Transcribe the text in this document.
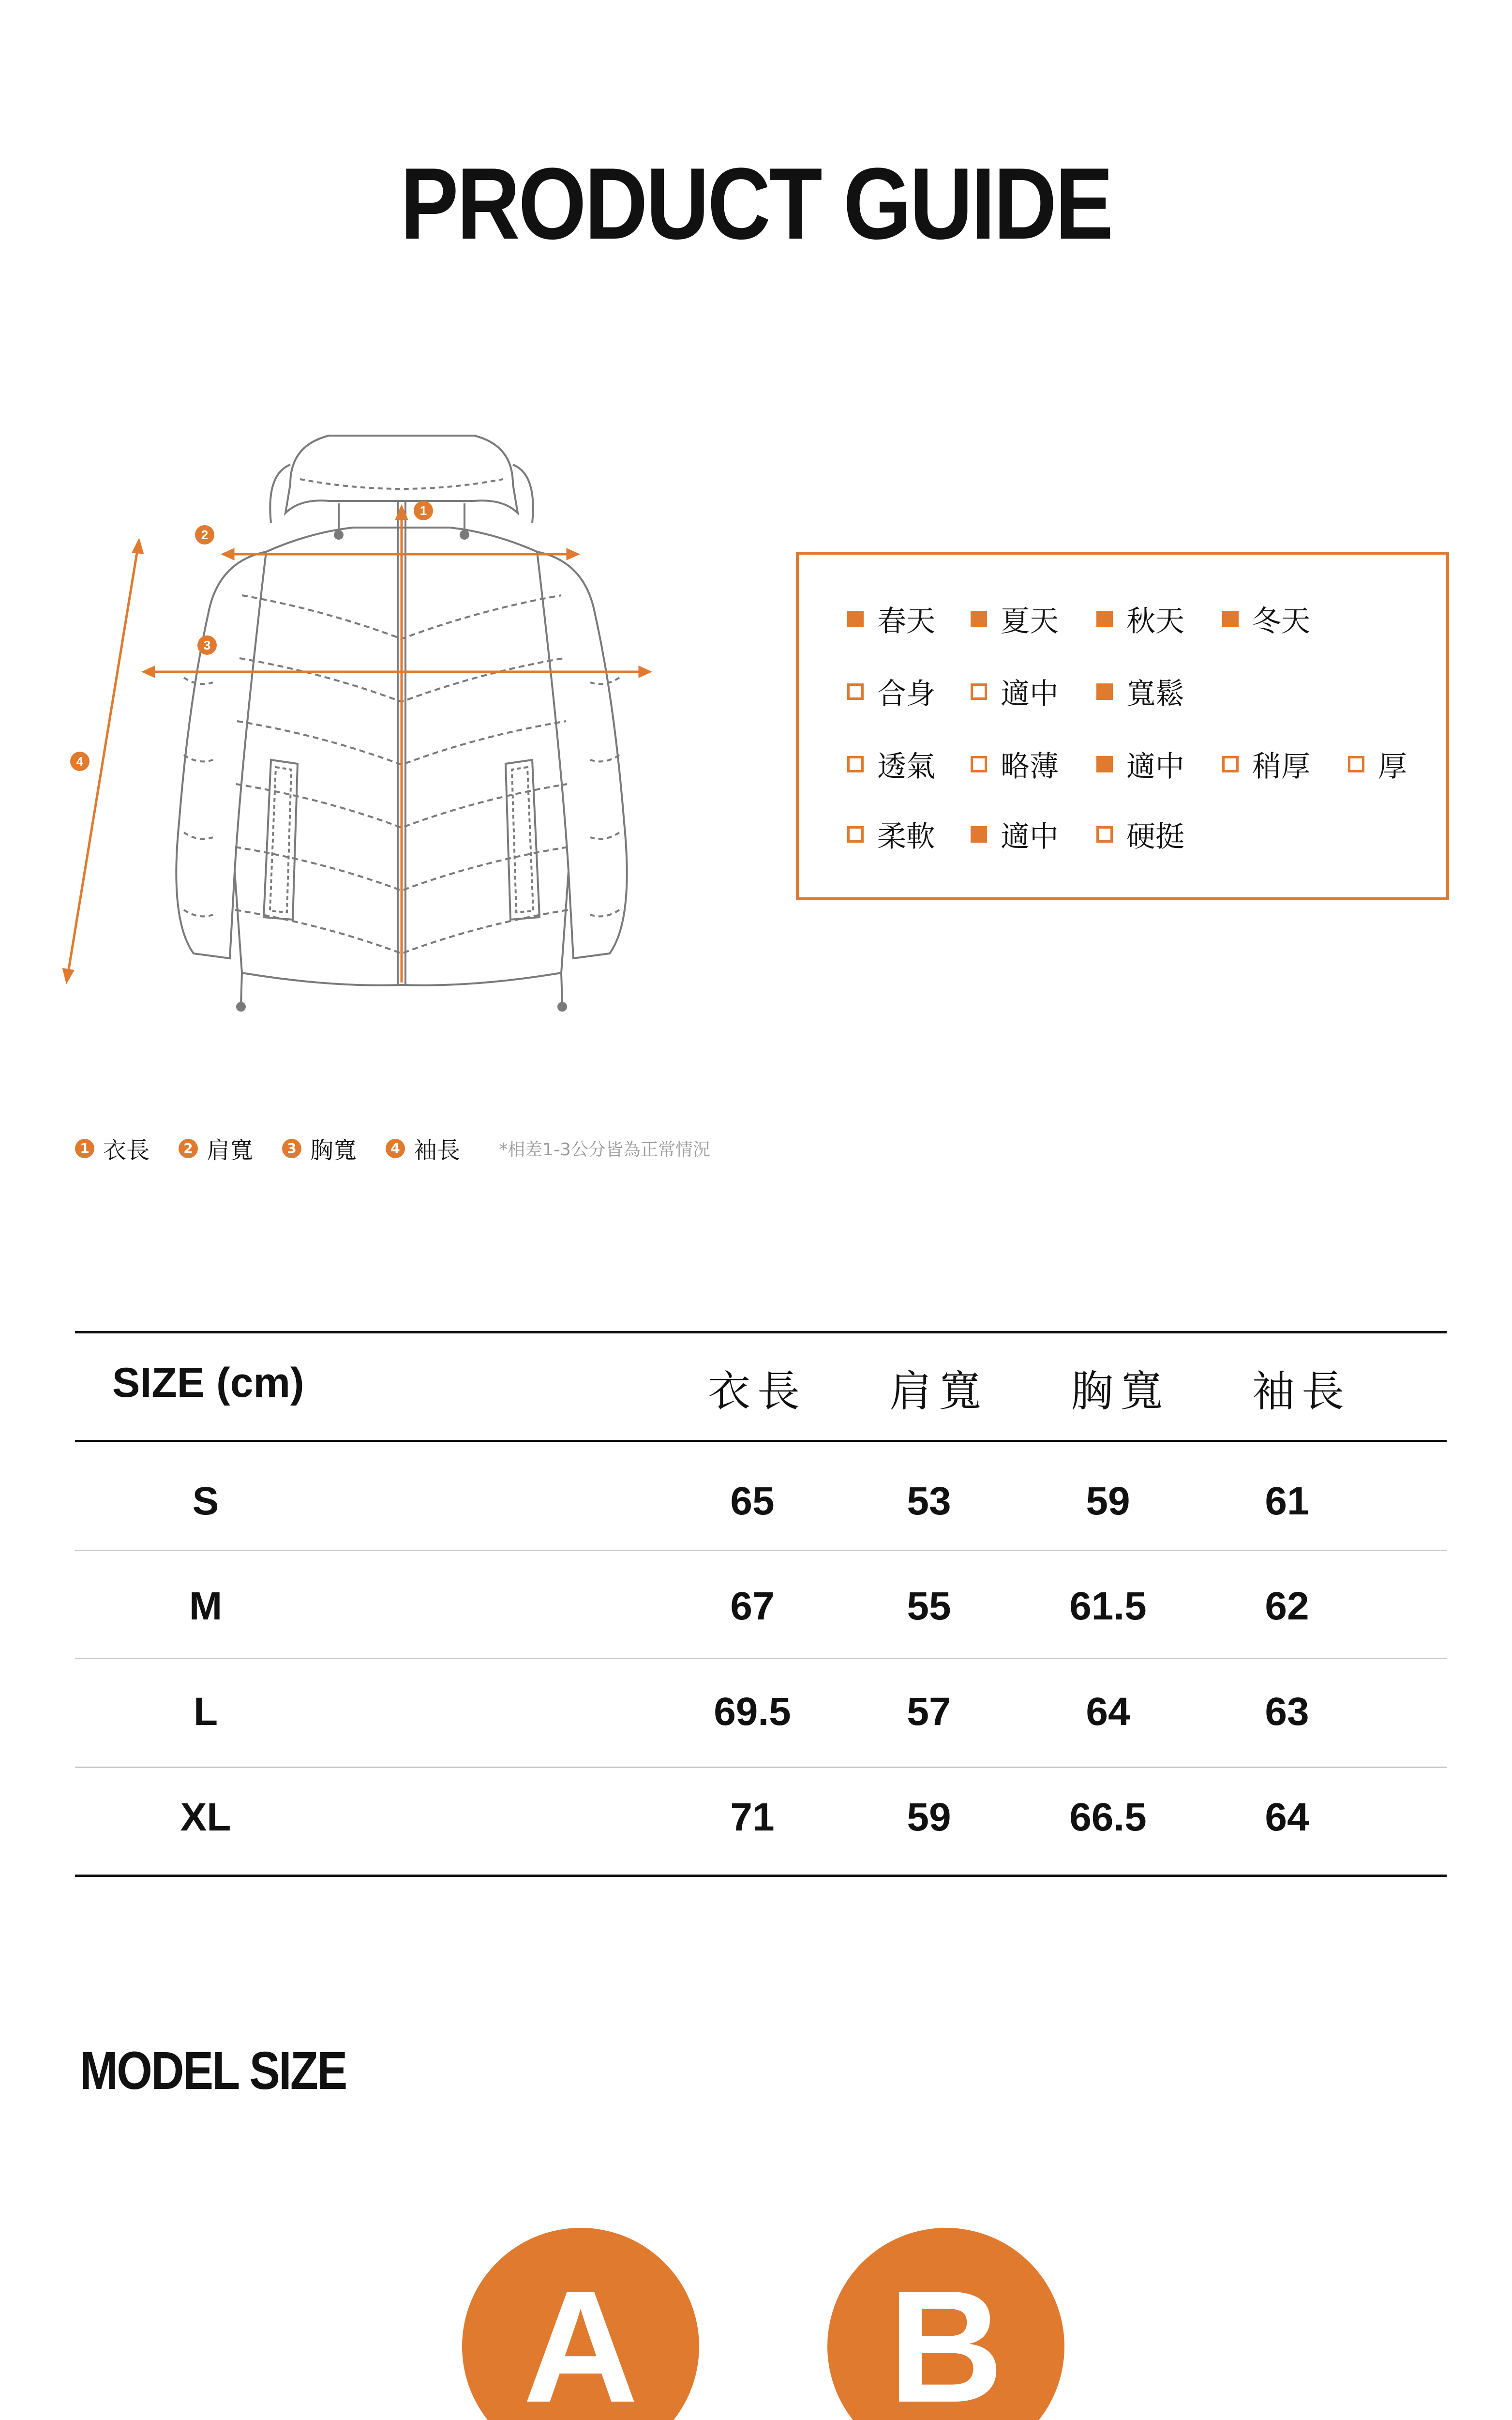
PRODUCT GUIDE
1
2
3
4
春天 夏天 秋天 冬天
合身 適中 寬鬆
透氣 略薄 適中 稍厚 厚
柔軟 適中 硬挺
1 衣長	2 肩寬	3 胸寬	4 袖長 *相差1-3公分皆為正常情況
SIZE (cm)	衣長	肩寬	胸寬	袖長
S	65	53	59	61
M	67	55	61.5	62
L	69.5	57	64	63
XL	71	59	66.5	64
MODEL SIZE
A	B
